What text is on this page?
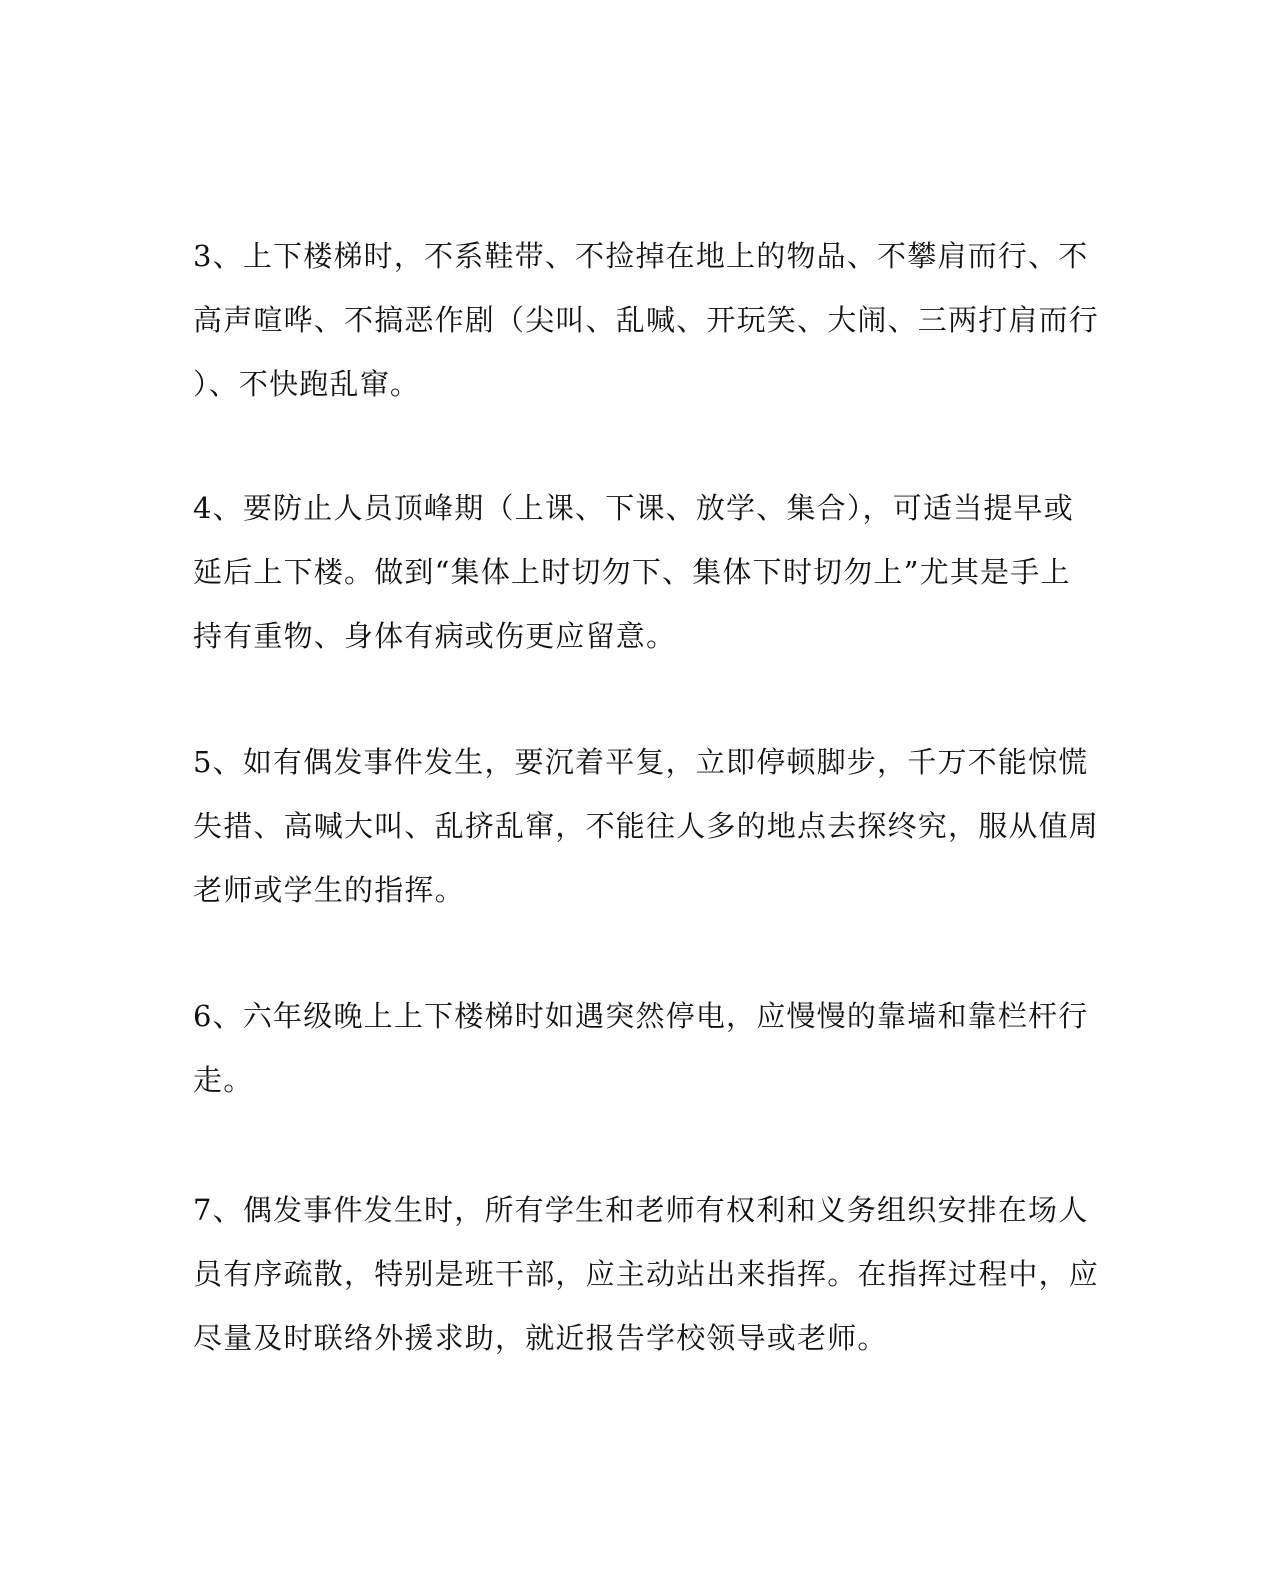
3、上下楼梯时，不系鞋带、不捡掉在地上的物品、不攀肩而行、不
高声喧哗、不搞恶作剧（尖叫、乱喊、开玩笑、大闹、三两打肩而行
）、不快跑乱窜。
4、要防止人员顶峰期（上课、下课、放学、集合），可适当提早或
延后上下楼。做到“集体上时切勿下、集体下时切勿上”尤其是手上
持有重物、身体有病或伤更应留意。
5、如有偶发事件发生，要沉着平复，立即停顿脚步，千万不能惊慌
失措、高喊大叫、乱挤乱窜，不能往人多的地点去探终究，服从值周
老师或学生的指挥。
6、六年级晚上上下楼梯时如遇突然停电，应慢慢的靠墙和靠栏杆行
走。
7、偶发事件发生时，所有学生和老师有权利和义务组织安排在场人
员有序疏散，特别是班干部，应主动站出来指挥。在指挥过程中，应
尽量及时联络外援求助，就近报告学校领导或老师。
